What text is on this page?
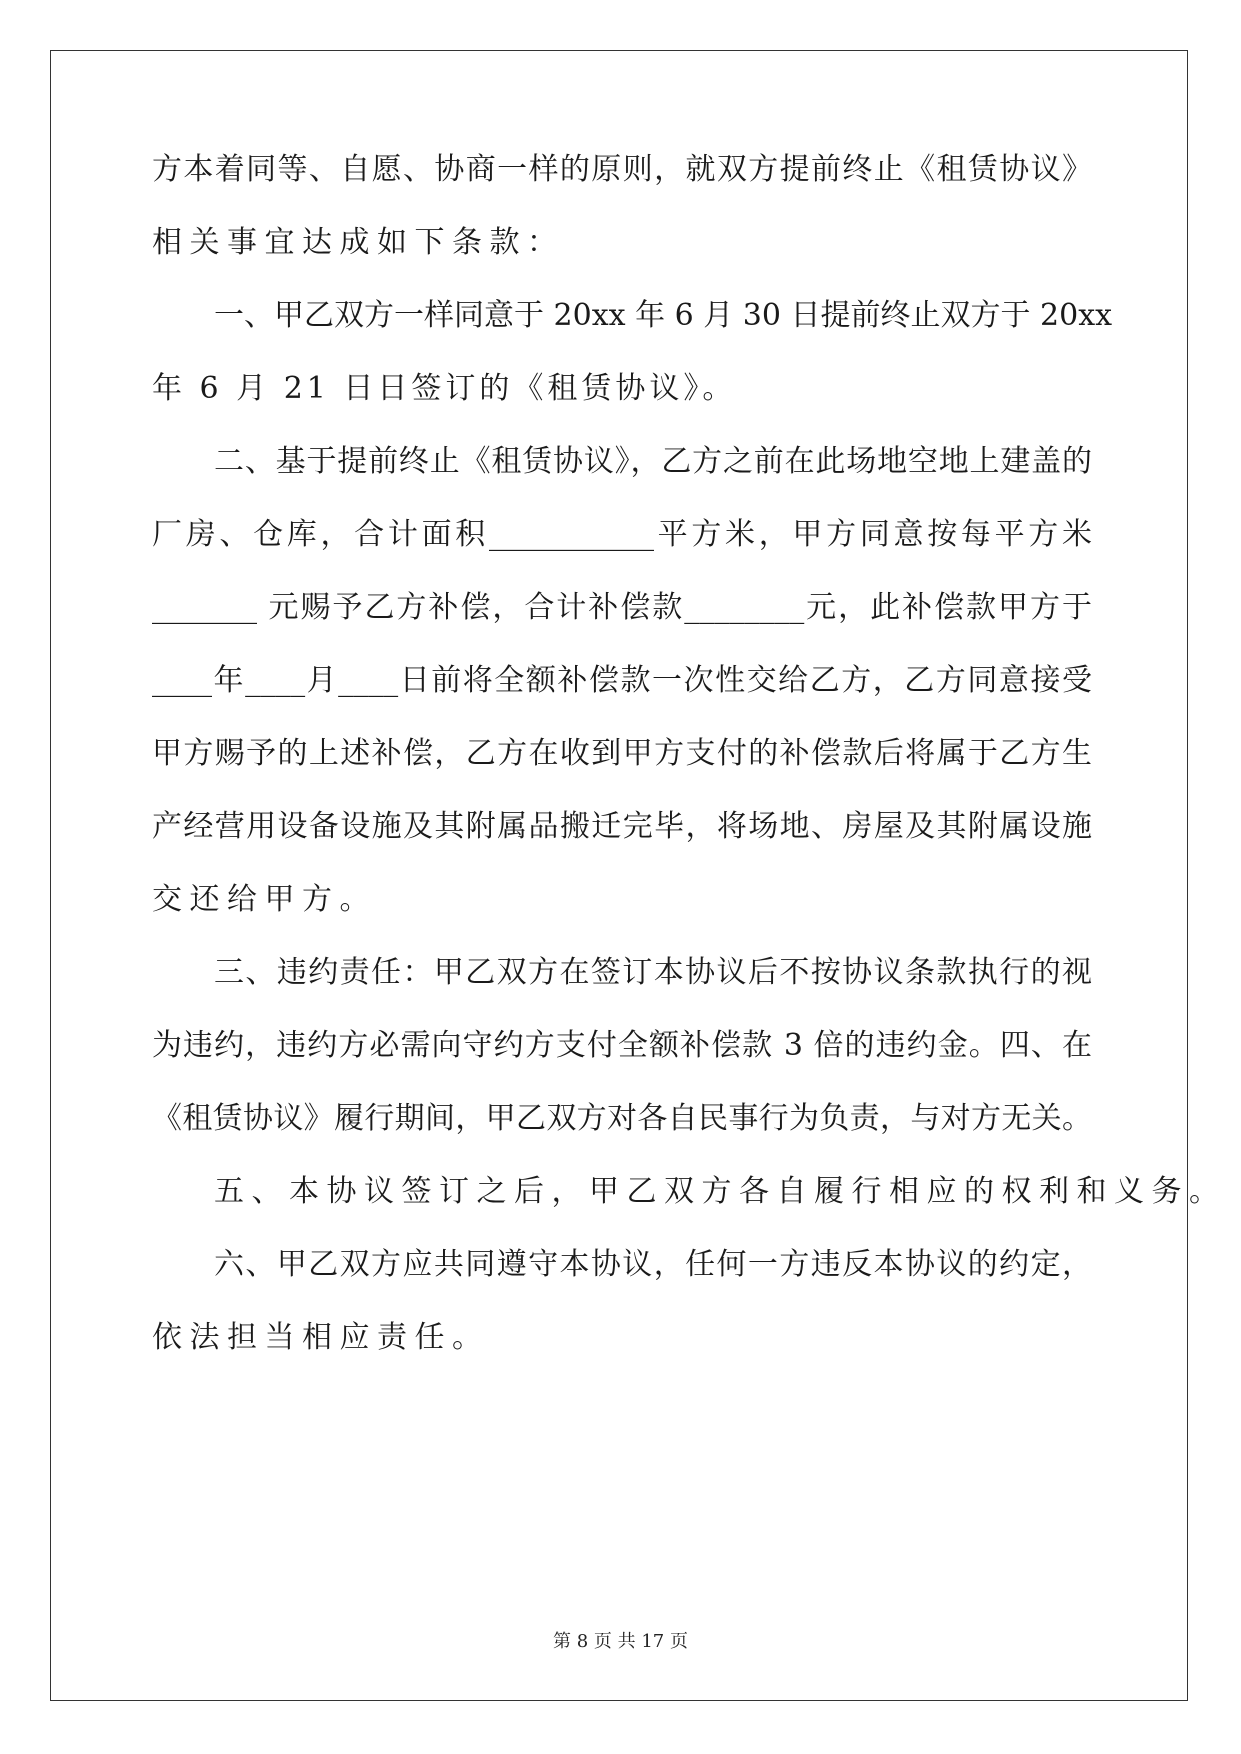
方本着同等、自愿、协商一样的原则，就双方提前终止《租赁协议》
相关事宜达成如下条款：
一、甲乙双方一样同意于 20xx 年 6 月 30 日提前终止双方于 20xx
年 6 月 21 日日签订的《租赁协议》。
二、基于提前终止《租赁协议》，乙方之前在此场地空地上建盖的
厂房、仓库，合计面积___________平方米，甲方同意按每平方米
_______ 元赐予乙方补偿，合计补偿款________元，此补偿款甲方于
____年____月____日前将全额补偿款一次性交给乙方，乙方同意接受
甲方赐予的上述补偿，乙方在收到甲方支付的补偿款后将属于乙方生
产经营用设备设施及其附属品搬迁完毕，将场地、房屋及其附属设施
交还给甲方。
三、违约责任：甲乙双方在签订本协议后不按协议条款执行的视
为违约，违约方必需向守约方支付全额补偿款 3 倍的违约金。四、在
《租赁协议》履行期间，甲乙双方对各自民事行为负责，与对方无关。
五、本协议签订之后，甲乙双方各自履行相应的权利和义务。
六、甲乙双方应共同遵守本协议，任何一方违反本协议的约定，
依法担当相应责任。
第 8 页 共 17 页
